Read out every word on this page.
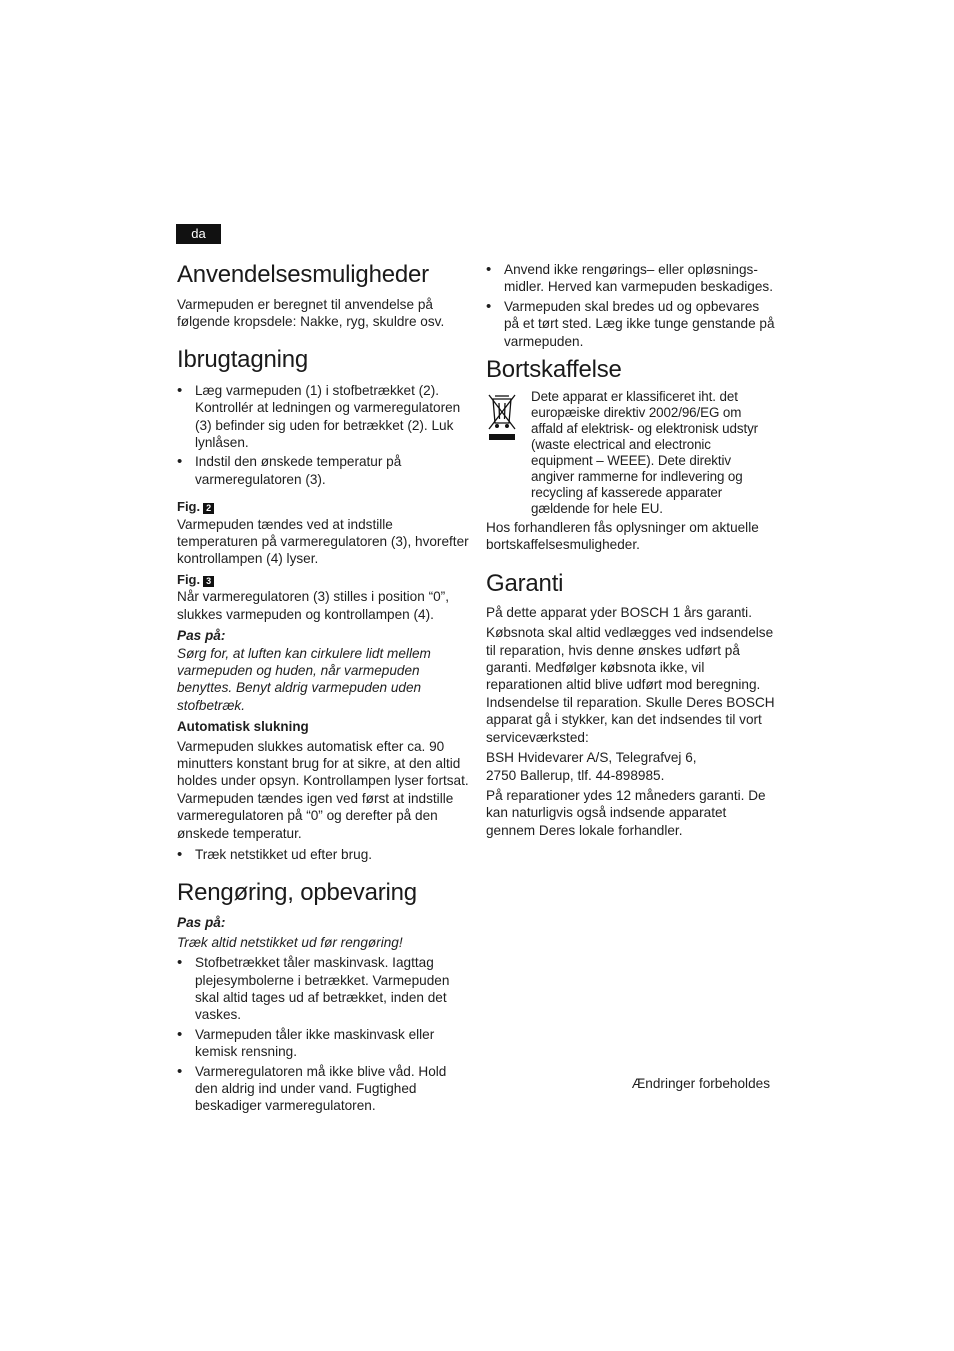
da
Anvendelsesmuligheder

Varmepuden er beregnet til anvendelse på følgende kropsdele: Nakke, ryg, skuldre osv.

Ibrugtagning
• Læg varmepuden (1) i stofbetrækket (2). Kontrollér at ledningen og varmeregulatoren (3) befinder sig uden for betrækket (2). Luk lynlåsen.
• Indstil den ønskede temperatur på varmeregulatoren (3).

Fig. 2

Varmepuden tændes ved at indstille temperaturen på varmeregulatoren (3), hvorefter kontrollampen (4) lyser.

Fig. 3

Når varmeregulatoren (3) stilles i position “0”, slukkes varmepuden og kontrollampen (4).

Pas på:

Sørg for, at luften kan cirkulere lidt mellem varmepuden og huden, når varmepuden benyttes. Benyt aldrig varmepuden uden stofbetræk.

Automatisk slukning

Varmepuden slukkes automatisk efter ca. 90 minutters konstant brug for at sikre, at den altid holdes under opsyn. Kontrollampen lyser fortsat. Varmepuden tændes igen ved først at indstille varmeregulatoren på “0” og derefter på den ønskede temperatur.

• Træk netstikket ud efter brug.
Rengøring, opbevaring

Pas på:

Træk altid netstikket ud før rengøring!

• Stofbetrækket tåler maskinvask. Iagttag plejesymbolerne i betrækket. Varmepuden skal altid tages ud af betrækket, inden det vaskes.
• Varmepuden tåler ikke maskinvask eller kemisk rensning.
• Varmeregulatoren må ikke blive våd. Hold den aldrig ind under vand. Fugtighed beskadiger varmeregulatoren.
• Anvend ikke rengørings– eller opløsnings-midler. Herved kan varmepuden beskadiges.
• Varmepuden skal bredes ud og opbevares på et tørt sted. Læg ikke tunge genstande på varmepuden.
Bortskaffelse

Dete apparat er klassificeret iht. det europæiske direktiv 2002/96/EG om affald af elektrisk- og elektronisk udstyr (waste electrical and electronic equipment – WEEE). Dete direktiv angiver rammerne for indlevering og recycling af kasserede apparater gældende for hele EU.

Hos forhandleren fås oplysninger om aktuelle bortskaffelsesmuligheder.

Garanti

På dette apparat yder BOSCH 1 års garanti.

Købsnota skal altid vedlægges ved indsendelse til reparation, hvis denne ønskes udført på garanti. Medfølger købsnota ikke, vil reparationen altid blive udført mod beregning. Indsendelse til reparation. Skulle Deres BOSCH apparat gå i stykker, kan det indsendes til vort serviceværksted:

BSH Hvidevarer A/S, Telegrafvej 6, 2750 Ballerup, tlf. 44-898985.

På reparationer ydes 12 måneders garanti. De kan naturligvis også indsende apparatet gennem Deres lokale forhandler.

Ændringer forbeholdes
